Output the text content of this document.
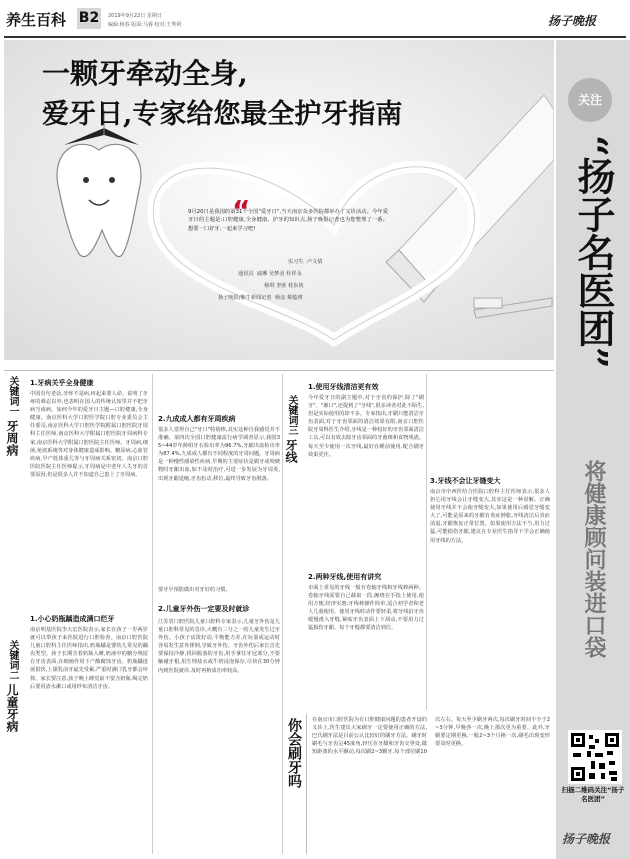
养生百科 B2	2019年9月22日 星期日
编辑:杨春 版面:马睿 校对:王秀利	扬子晚报
“
一颗牙牵动全身,
爱牙日,专家给您最全护牙指南
9月20日是我国的第31个全国"爱牙日",当天南京众多医院都举办了义诊活动。今年爱牙日的主题是:口腔健康,全身健康。护牙的知识点,扬子晚报记者也为您整理了一番。想要一口好牙,一起来学习吧!
实习生  卢文倩
通讯员  戚琳 吴梦羽 杜祥永
杨琪 李匪 桂东侠
扬子晚报/紫牛新闻记者  杨彦 蔡蕴瑛
关注
“扬子名医团”
将健康顾问装进口袋
扫描二维码关注“扬子名医团”
扬子晚报
关键词一
牙周病
1.牙病关乎全身健康
中国有句老话,牙疼不是病,疼起来要人命。说明了牙疼的难忍以外,也表明在国人的传统认知里并不把牙病当成病。如何今年的爱牙日主题—口腔健康,全身健康。南京医科大学口腔医学院口腔专业委员会主任委员,南京医科大学口腔医学院附属口腔医院牙周科主任医师,南京医科大学附属口腔医院牙周病科专家,南京医科大学附属口腔医院主任医师。牙周病,细菌,免疫系统等对身体健康造成影响。糖尿病,心血管疾病,早产低体重儿等与牙周病关系密切。南京口腔医院医院主任医师提示,牙周病是中老年人失牙的首要原因,但是很多人并不知道自己患上了牙周病。

2.九成成人都有牙周疾病
很多人觉得自己"牙口"特别棒,其实这种自我感觉并不准确。第四次全国口腔健康流行病学调查显示,我国35~44岁年龄组牙石检出率为96.7%,牙龈出血检出率为87.4%,九成成人都有不同程度的牙周问题。牙周病是一种慢性感染性疾病,早期的主要症状是刷牙或咬硬物时牙龈出血,如不及时治疗,可进一步发展为牙周炎,出现牙龈退缩,牙齿松动,移位,最终导致牙齿脱落。
要牙早预防做出对牙好的习惯。
关键词二
儿童牙病
1.小心奶瓶龋造成满口烂牙
南京明基医院李大宏医院表示,家长在孩子一岁两岁就可以带孩子来医院进行口腔检查。南京口腔医院儿童口腔科主任医师指出,奶瓶龋是婴幼儿常见的龋齿类型。孩子长期含着奶瓶入睡,奶液中的糖分残留在牙齿表面,在细菌作用下产酸腐蚀牙齿。奶瓶龋进展很快,上颌乳前牙最先受累,严重时满口乳牙都会坏掉。家长要注意,孩子晚上睡觉前不要含奶瓶,喝完奶后要用清水漱口或用纱布清洁牙齿。
2.儿童牙外伤一定要及时就诊
江苏省口腔医院儿童口腔科专家表示,儿童牙外伤是儿童口腔科常见的急诊,大概有三分之一的儿童发生过牙外伤。小孩子活泼好动,平衡能力差,在玩耍或运动时容易发生意外摔倒,导致牙外伤。牙齿外伤后家长首先要保持冷静,找回脱落的牙齿,用手拿住牙冠部分,不要触碰牙根,用生理盐水或牛奶浸泡保存,尽快在30分钟内到医院就诊,及时再植成功率较高。
关键词三
牙线
1.使用牙线清洁更有效
今年爱牙日的副主题中,对于牙齿的保护,除了"刷牙"、"漱口",还提到了"牙线",很多读者对此不陌生,但是实际使用的却不多。专家指出,牙刷只能清洁牙齿表面,对于牙齿邻面的清洁效果有限,南京口腔医院牙周科医生介绍,牙线是一种较好的牙齿邻面清洁工具,可以有效去除牙齿邻面的牙菌斑和食物残渣。每天至少使用一次牙线,最好在睡前使用,配合刷牙效果更佳。
2.两种牙线,使用有讲究
市面上常见的牙线一般有卷轴牙线和牙线棒两种。卷轴牙线需要自己截取一段,缠绕在手指上使用,使用方便,经济实惠;牙线棒操作简单,适合初学者和老人儿童使用。使用牙线时动作要轻柔,将牙线沿牙齿缓慢滑入牙缝,紧贴牙齿表面上下刮动,不要用力过猛损伤牙龈。每个牙缝都要清洁到位。
3.牙线不会让牙缝变大
南京市中西医结合医院口腔科主任医师表示,很多人担心用牙线会让牙缝变大,其实这是一种误解。正确使用牙线并不会使牙缝变大,如果使用后感觉牙缝变大了,可能是原来的牙龈有炎症肿胀,牙线清洁后炎症消退,牙龈恢复正常位置。如果使用方法不当,用力过猛,可能损伤牙龈,建议在专业医生指导下学会正确使用牙线的方法。
你会刷牙吗 在南京市口腔医院为有口腔健康问题的患者开设的义诊上,医生建议大家刷牙一定要使用正确的方法,巴氏刷牙法是目前公认比较好的刷牙方法。刷牙时刷毛与牙齿呈45度角,轻压在牙龈和牙齿交界处,做短距离的水平颤动,每次刷2~3颗牙,每个部位刷10次左右。每天至少刷牙两次,每次刷牙时间不少于2~3分钟,早晚各一次,晚上那次更为重要。此外,牙刷要定期更换,一般2~3个月换一次,刷毛出现变形要及时更换。
